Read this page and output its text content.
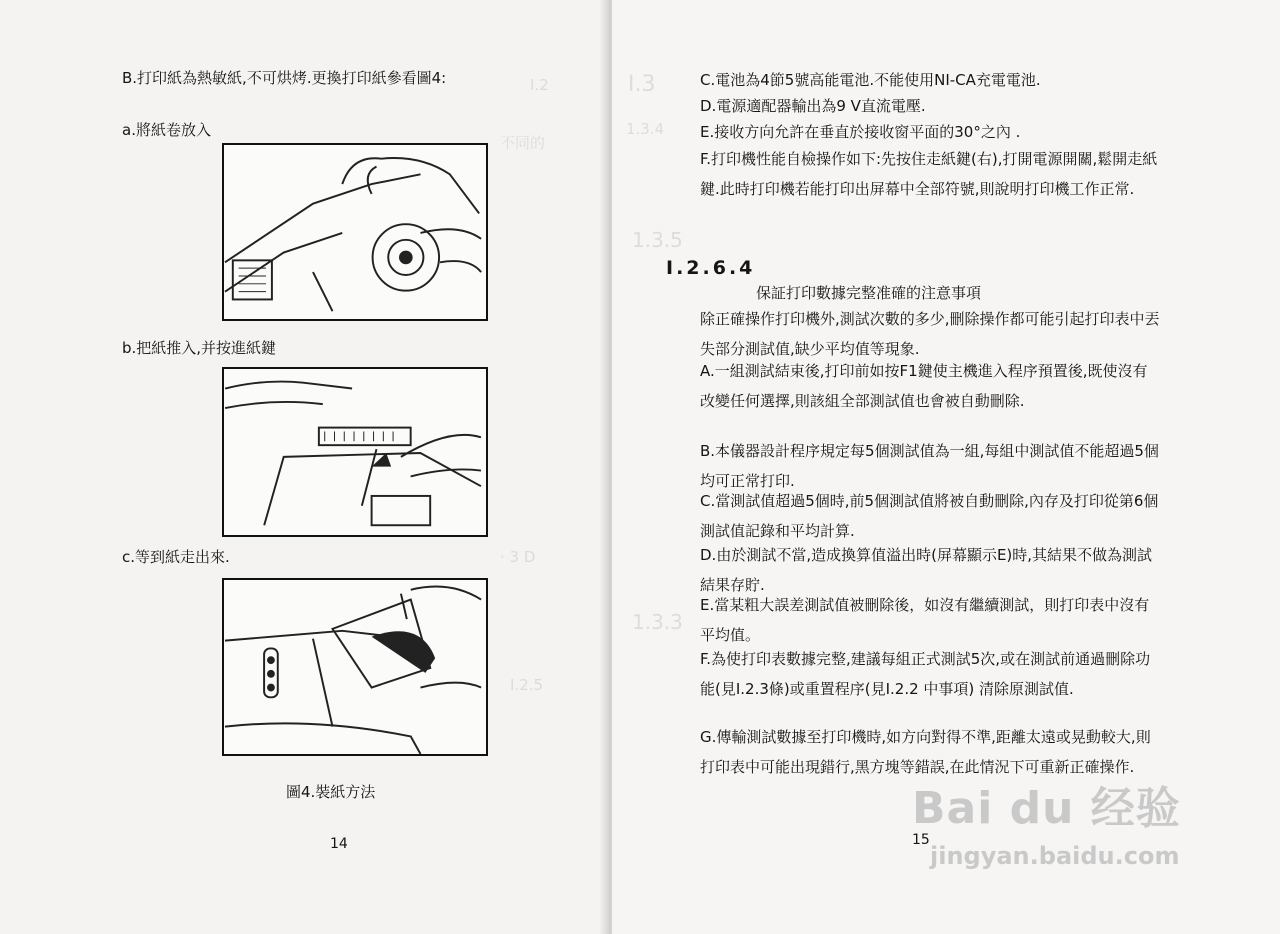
I.2
不同的
· 3 D
I.2.5
B.打印紙為熱敏紙,不可烘烤.更換打印紙參看圖4:
a.將紙卷放入
b.把紙推入,并按進紙鍵
c.等到紙走出來.
圖4.裝紙方法
14
I.3
1.3.4
1.3.5
1.3.3
C.電池為4節5號高能電池.不能使用NI-CA充電電池.
D.電源適配器輸出為9 V直流電壓.
E.接收方向允許在垂直於接收窗平面的30°之內 .
F.打印機性能自檢操作如下:先按住走紙鍵(右),打開電源開關,鬆開走紙鍵.此時打印機若能打印出屏幕中全部符號,則說明打印機工作正常.
I.2.6.4
保証打印數據完整准確的注意事項
除正確操作打印機外,測試次數的多少,刪除操作都可能引起打印表中丟失部分測試值,缺少平均值等現象.
A.一組測試結束後,打印前如按F1鍵使主機進入程序預置後,既使沒有改變任何選擇,則該組全部測試值也會被自動刪除.
B.本儀器設計程序規定每5個測試值為一組,每組中測試值不能超過5個均可正常打印.
C.當測試值超過5個時,前5個測試值將被自動刪除,內存及打印從第6個測試值記錄和平均計算.
D.由於測試不當,造成換算值溢出時(屏幕顯示E)時,其結果不做為測試結果存貯.
E.當某粗大誤差測試值被刪除後，如沒有繼續測試，則打印表中沒有平均值。
F.為使打印表數據完整,建議每組正式測試5次,或在測試前通過刪除功能(見I.2.3條)或重置程序(見I.2.2 中事項) 清除原測試值.
G.傳輸測試數據至打印機時,如方向對得不準,距離太遠或晃動較大,則打印表中可能出現錯行,黑方塊等錯誤,在此情況下可重新正確操作.
15
Bai du 经验
jingyan.baidu.com
